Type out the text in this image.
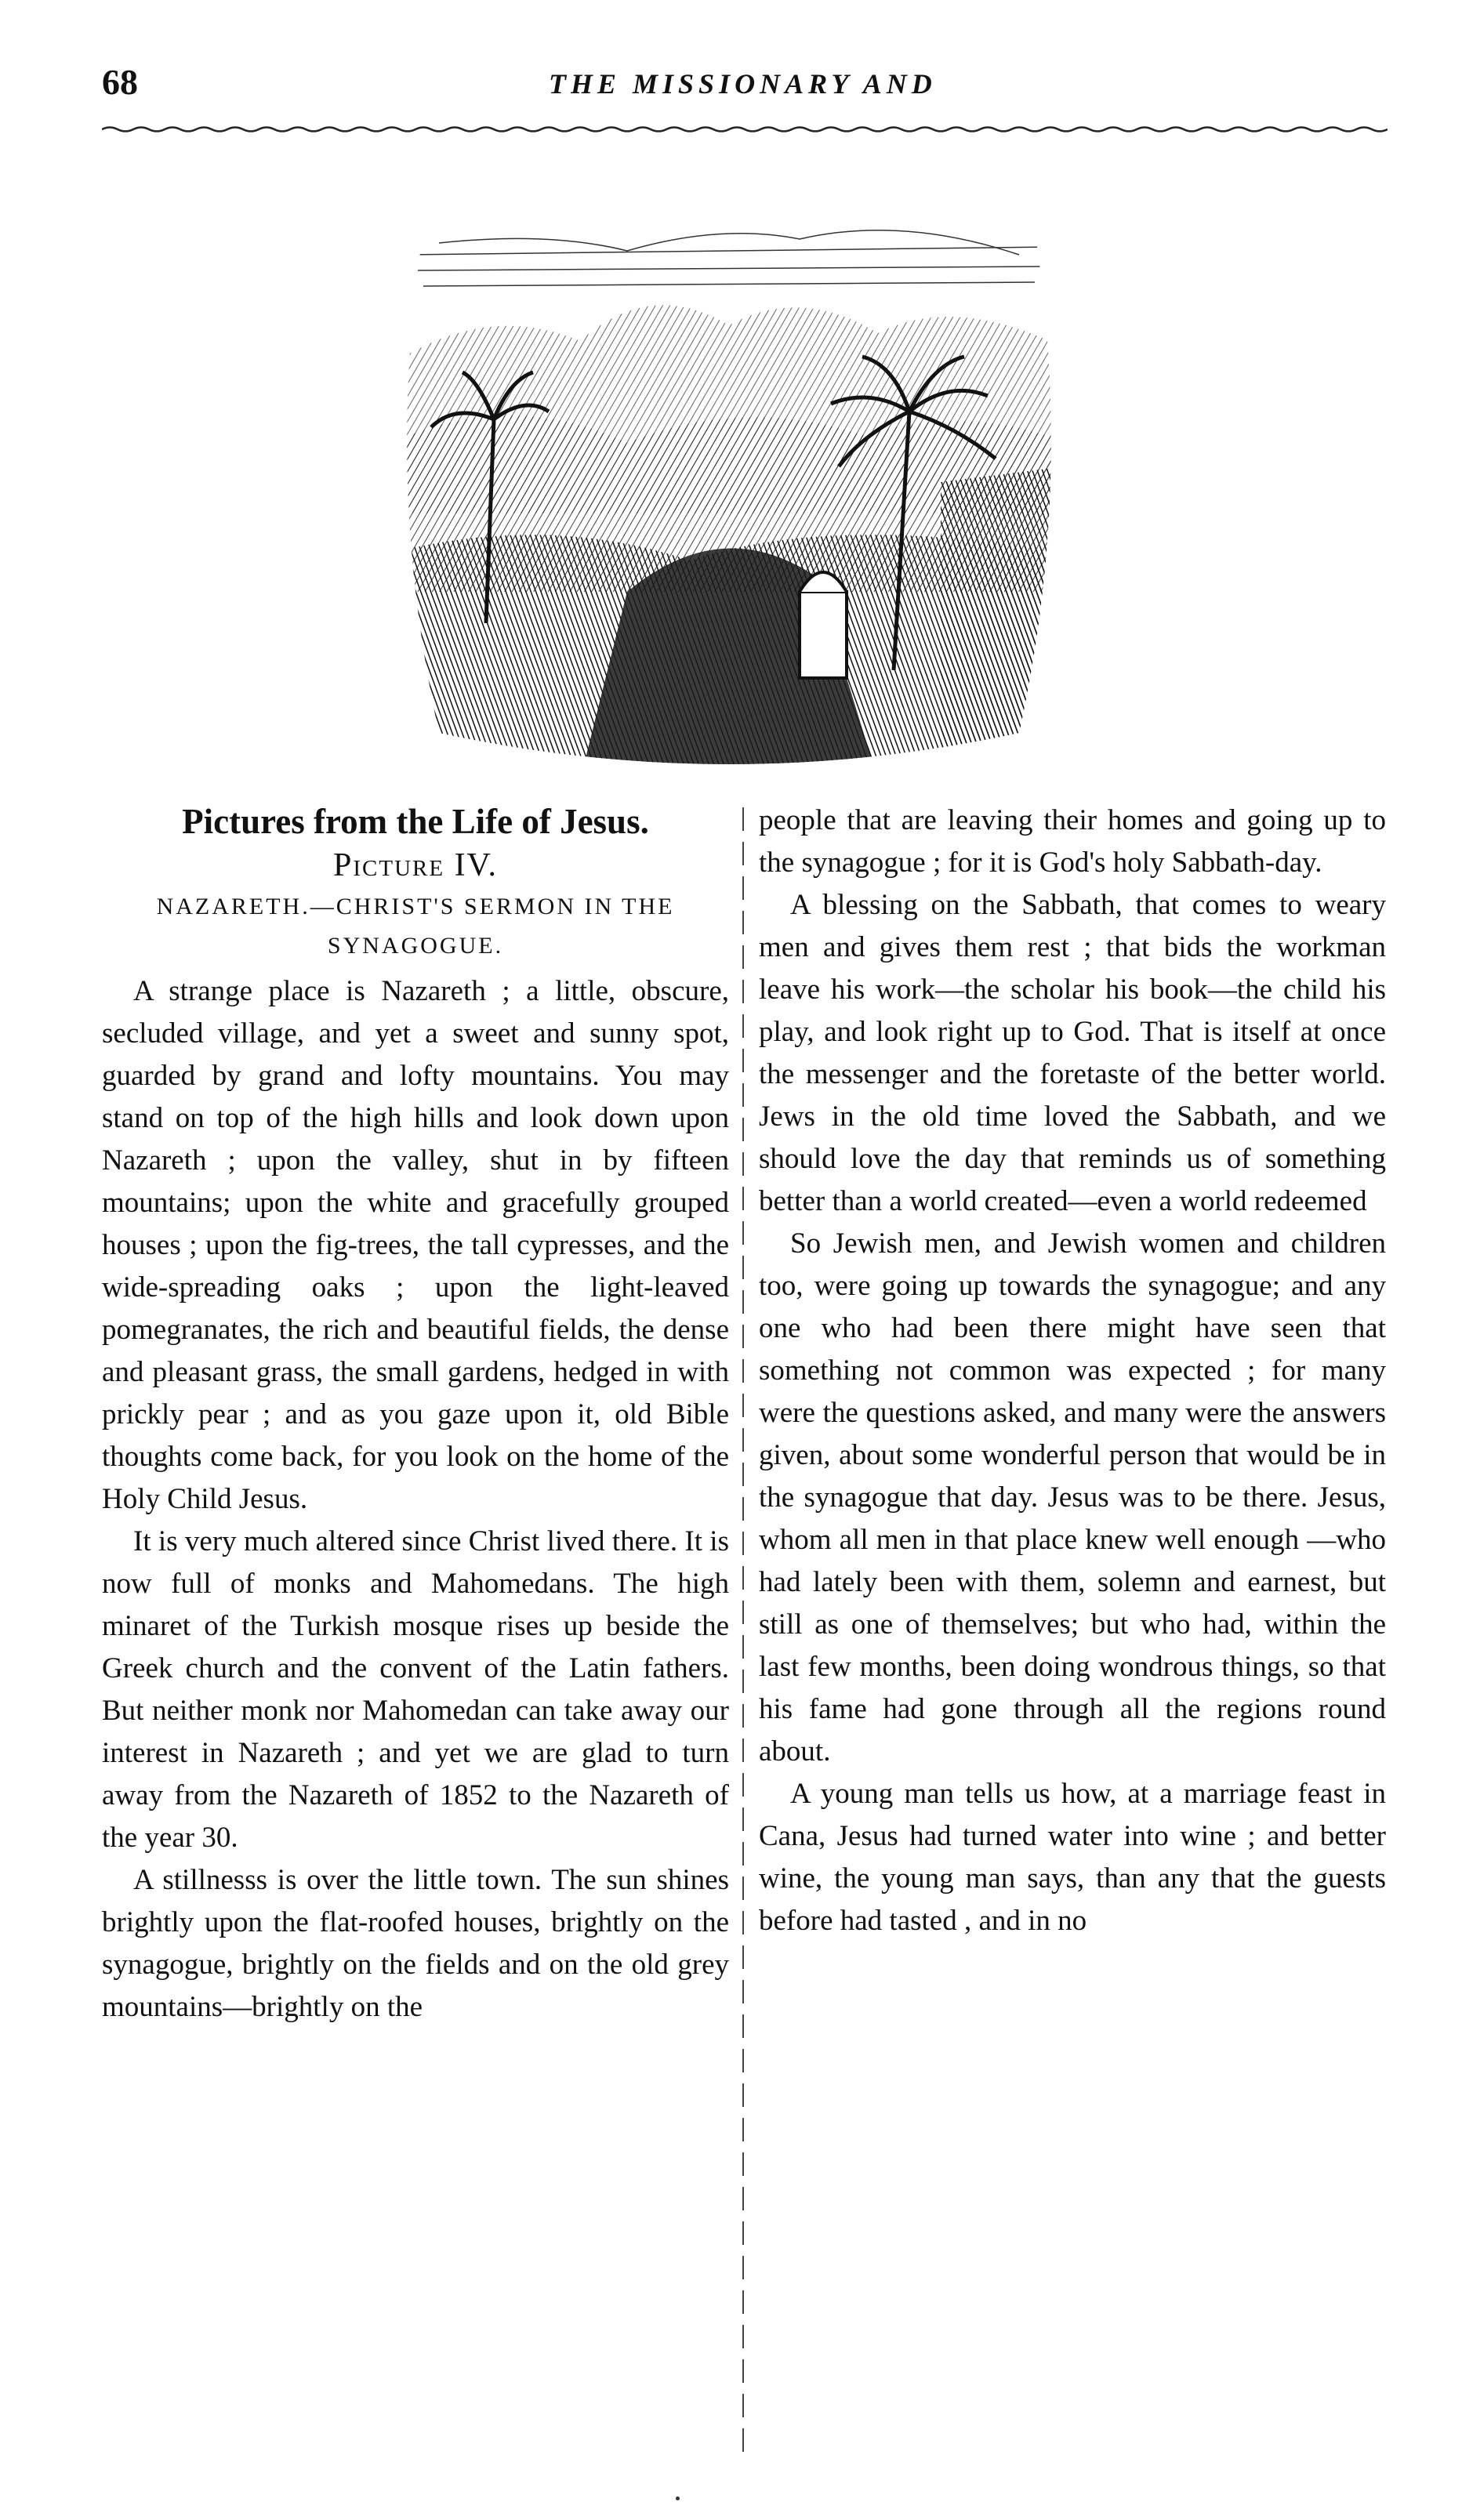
68	THE MISSIONARY AND
Pictures from the Life of Jesus.
Picture IV.
NAZARETH.—CHRIST'S SERMON IN THE SYNAGOGUE.

A strange place is Nazareth ; a little, obscure, secluded village, and yet a sweet and sunny spot, guarded by grand and lofty mountains. You may stand on top of the high hills and look down upon Nazareth ; upon the valley, shut in by fifteen mountains; upon the white and gracefully grouped houses ; upon the fig-trees, the tall cypresses, and the wide-spreading oaks ; upon the light-leaved pomegranates, the rich and beautiful fields, the dense and pleasant grass, the small gardens, hedged in with prickly pear ; and as you gaze upon it, old Bible thoughts come back, for you look on the home of the Holy Child Jesus.

It is very much altered since Christ lived there. It is now full of monks and Mahomedans. The high minaret of the Turkish mosque rises up beside the Greek church and the convent of the Latin fathers. But neither monk nor Mahomedan can take away our interest in Nazareth ; and yet we are glad to turn away from the Nazareth of 1852 to the Nazareth of the year 30.

A stillnesss is over the little town. The sun shines brightly upon the flat-roofed houses, brightly on the synagogue, brightly on the fields and on the old grey mountains—brightly on the

people that are leaving their homes and going up to the synagogue ; for it is God's holy Sabbath-day.

A blessing on the Sabbath, that comes to weary men and gives them rest ; that bids the workman leave his work—the scholar his book—the child his play, and look right up to God. That is itself at once the messenger and the foretaste of the better world. Jews in the old time loved the Sabbath, and we should love the day that reminds us of something better than a world created—even a world redeemed

So Jewish men, and Jewish women and children too, were going up towards the synagogue; and any one who had been there might have seen that something not common was expected ; for many were the questions asked, and many were the answers given, about some wonderful person that would be in the synagogue that day. Jesus was to be there. Jesus, whom all men in that place knew well enough —who had lately been with them, solemn and earnest, but still as one of themselves; but who had, within the last few months, been doing wondrous things, so that his fame had gone through all the regions round about.

A young man tells us how, at a marriage feast in Cana, Jesus had turned water into wine ; and better wine, the young man says, than any that the guests before had tasted , and in no
